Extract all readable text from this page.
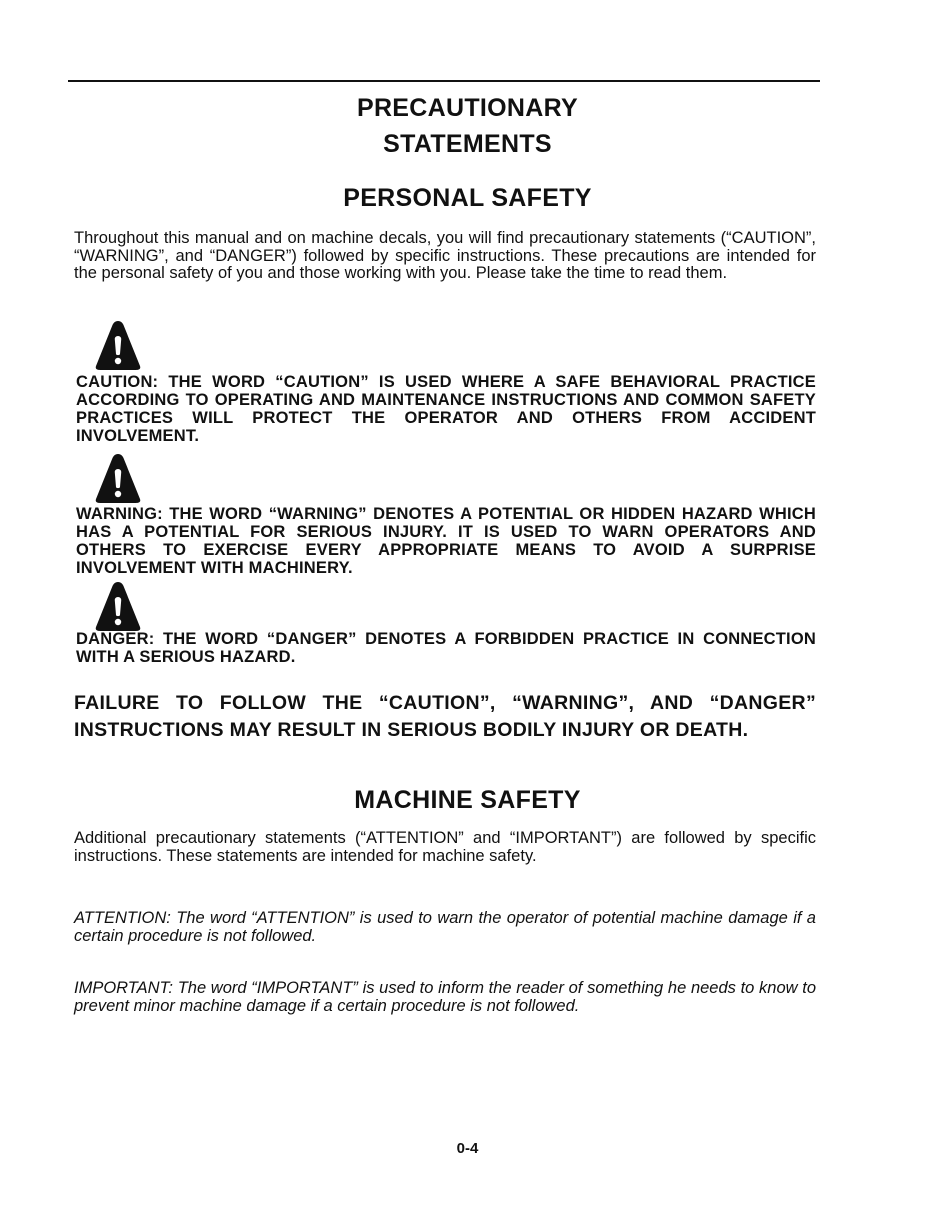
PRECAUTIONARY

STATEMENTS

PERSONAL SAFETY

Throughout this manual and on machine decals, you will find precautionary statements (“CAUTION”, “WARNING”, and “DANGER”) followed by specific instructions. These precautions are intended for the personal safety of you and those working with you. Please take the time to read them.

CAUTION: THE WORD “CAUTION” IS USED WHERE A SAFE BEHAVIORAL PRACTICE ACCORDING TO OPERATING AND MAINTENANCE INSTRUCTIONS AND COMMON SAFETY PRACTICES WILL PROTECT THE OPERATOR AND OTHERS FROM ACCIDENT INVOLVEMENT.

WARNING: THE WORD “WARNING” DENOTES A POTENTIAL OR HIDDEN HAZARD WHICH HAS A POTENTIAL FOR SERIOUS INJURY. IT IS USED TO WARN OPERATORS AND OTHERS TO EXERCISE EVERY APPROPRIATE MEANS TO AVOID A SURPRISE INVOLVEMENT WITH MACHINERY.

DANGER: THE WORD “DANGER” DENOTES A FORBIDDEN PRACTICE IN CONNECTION WITH A SERIOUS HAZARD.

FAILURE TO FOLLOW THE “CAUTION”, “WARNING”, AND “DANGER” INSTRUCTIONS MAY RESULT IN SERIOUS BODILY INJURY OR DEATH.

MACHINE SAFETY

Additional precautionary statements (“ATTENTION” and “IMPORTANT”) are followed by specific instructions. These statements are intended for machine safety.

ATTENTION: The word “ATTENTION” is used to warn the operator of potential machine damage if a certain procedure is not followed.

IMPORTANT: The word “IMPORTANT” is used to inform the reader of something he needs to know to prevent minor machine damage if a certain procedure is not followed.

0-4
